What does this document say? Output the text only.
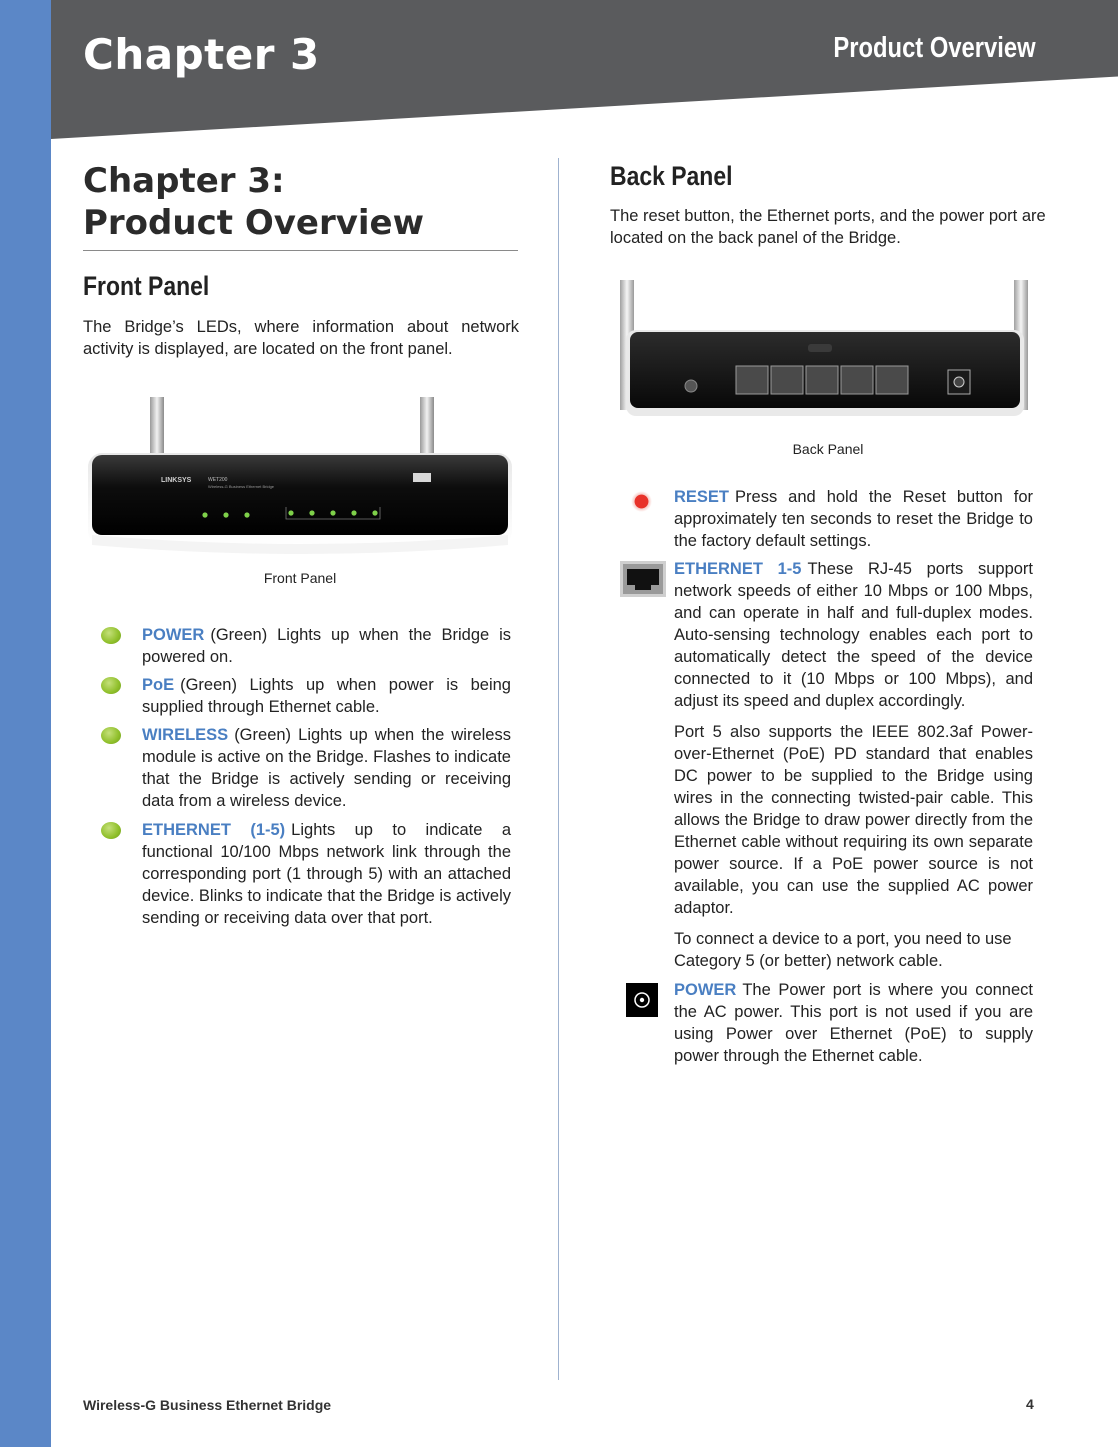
Chapter 3	Product Overview
Chapter 3:
Product Overview
Front Panel
The Bridge’s LEDs, where information about network activity is displayed, are located on the front panel.
LINKSYS	WET200
Wireless-G Business Ethernet Bridge
Front Panel
POWER (Green) Lights up when the Bridge is powered on.
PoE (Green) Lights up when power is being supplied through Ethernet cable.
WIRELESS (Green) Lights up when the wireless module is active on the Bridge. Flashes to indicate that the Bridge is actively sending or receiving data from a wireless device.
ETHERNET (1-5) Lights up to indicate a functional 10/100 Mbps network link through the corresponding port (1 through 5) with an attached device. Blinks to indicate that the Bridge is actively sending or receiving data over that port.
Back Panel
The reset button, the Ethernet ports, and the power port are located on the back panel of the Bridge.
Back Panel
RESET Press and hold the Reset button for approximately ten seconds to reset the Bridge to the factory default settings.

ETHERNET 1-5 These RJ-45 ports support network speeds of either 10 Mbps or 100 Mbps, and can operate in half and full-duplex modes. Auto-sensing technology enables each port to automatically detect the speed of the device connected to it (10 Mbps or 100 Mbps), and adjust its speed and duplex accordingly.

Port 5 also supports the IEEE 802.3af Power-over-Ethernet (PoE) PD standard that enables DC power to be supplied to the Bridge using wires in the connecting twisted-pair cable. This allows the Bridge to draw power directly from the Ethernet cable without requiring its own separate power source. If a PoE power source is not available, you can use the supplied AC power adaptor.

To connect a device to a port, you need to use Category 5 (or better) network cable.

POWER The Power port is where you connect the AC power. This port is not used if you are using Power over Ethernet (PoE) to supply power through the Ethernet cable.
Wireless-G Business Ethernet Bridge	4
